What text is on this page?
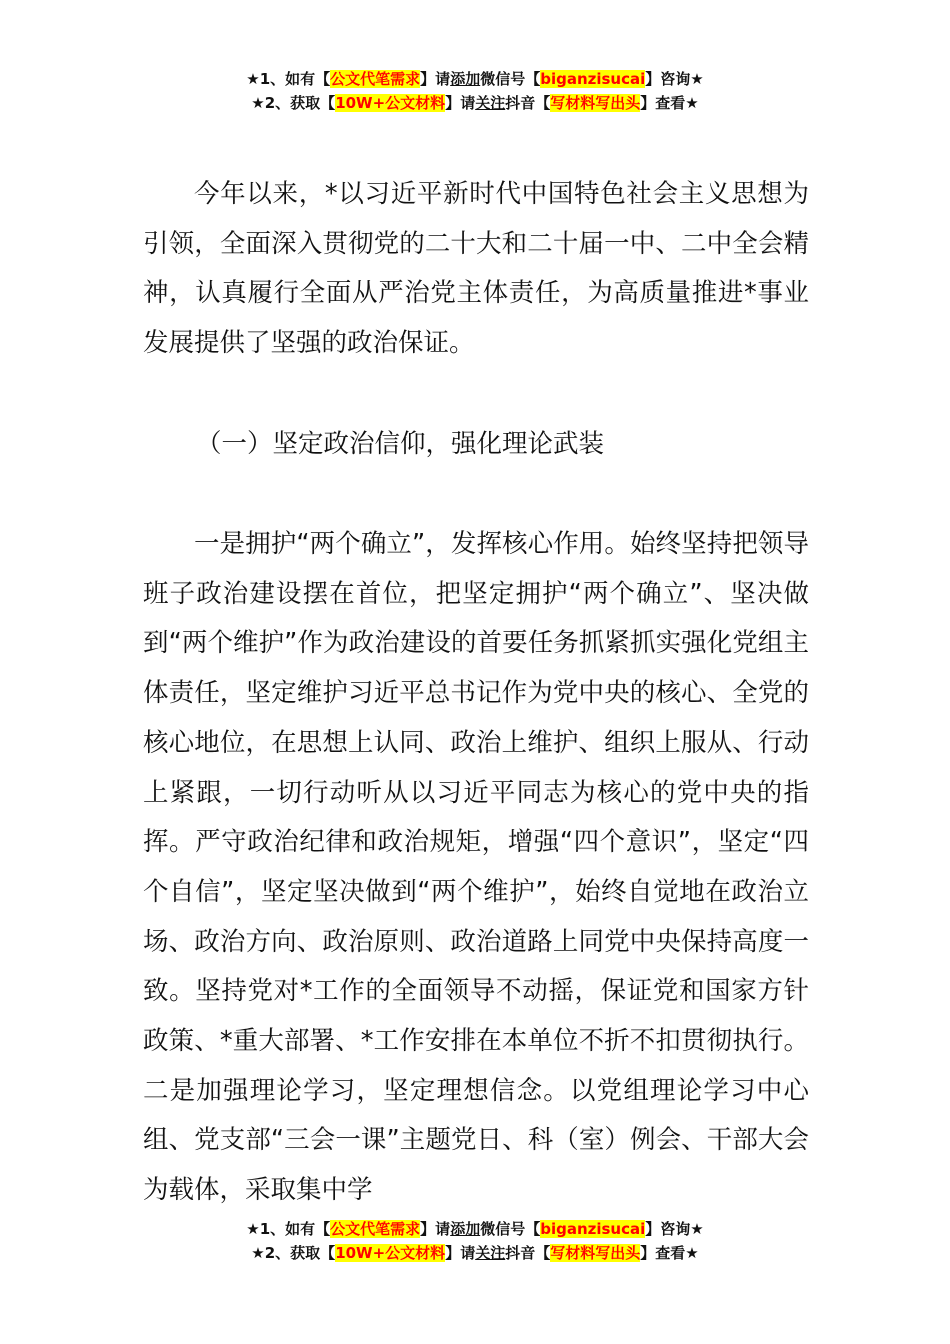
★1、如有【公文代笔需求】请添加微信号【biganzisucai】咨询★
★2、获取【10W+公文材料】请关注抖音【写材料写出头】查看★

今年以来，*以习近平新时代中国特色社会主义思想为引领，全面深入贯彻党的二十大和二十届一中、二中全会精神，认真履行全面从严治党主体责任，为高质量推进*事业发展提供了坚强的政治保证。

（一）坚定政治信仰，强化理论武装

一是拥护“两个确立”，发挥核心作用。始终坚持把领导班子政治建设摆在首位，把坚定拥护“两个确立”、坚决做到“两个维护”作为政治建设的首要任务抓紧抓实强化党组主体责任，坚定维护习近平总书记作为党中央的核心、全党的核心地位，在思想上认同、政治上维护、组织上服从、行动上紧跟，一切行动听从以习近平同志为核心的党中央的指挥。严守政治纪律和政治规矩，增强“四个意识”，坚定“四个自信”，坚定坚决做到“两个维护”，始终自觉地在政治立场、政治方向、政治原则、政治道路上同党中央保持高度一致。坚持党对*工作的全面领导不动摇，保证党和国家方针政策、*重大部署、*工作安排在本单位不折不扣贯彻执行。二是加强理论学习，坚定理想信念。以党组理论学习中心组、党支部“三会一课”主题党日、科（室）例会、干部大会为载体，采取集中学

★1、如有【公文代笔需求】请添加微信号【biganzisucai】咨询★
★2、获取【10W+公文材料】请关注抖音【写材料写出头】查看★
